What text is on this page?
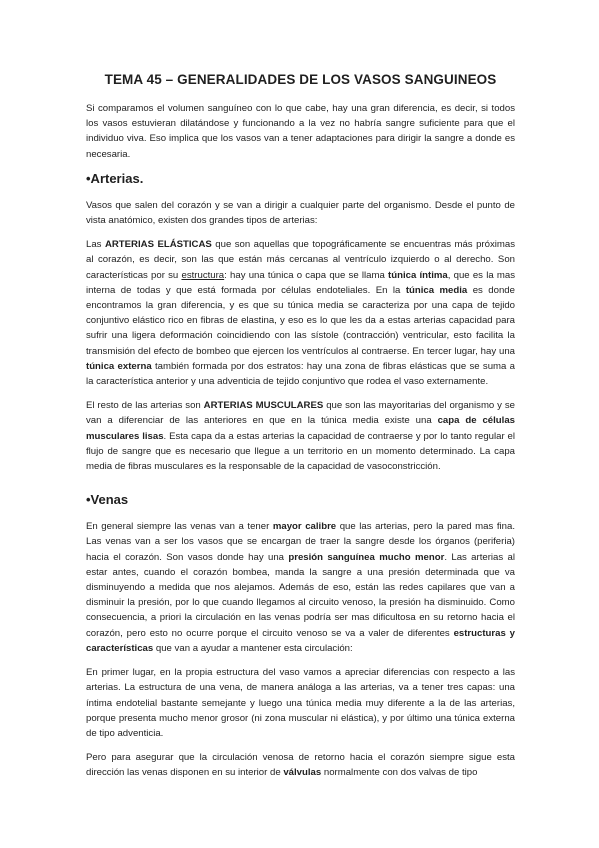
TEMA 45 – GENERALIDADES DE LOS VASOS SANGUINEOS

Si comparamos el volumen sanguíneo con lo que cabe, hay una gran diferencia, es decir, si todos los vasos estuvieran dilatándose y funcionando a la vez no habría sangre suficiente para que el individuo viva. Eso implica que los vasos van a tener adaptaciones para dirigir la sangre a donde es necesaria.

•Arterias.

Vasos que salen del corazón y se van a dirigir a cualquier parte del organismo. Desde el punto de vista anatómico, existen dos grandes tipos de arterias:

Las ARTERIAS ELÁSTICAS que son aquellas que topográficamente se encuentras más próximas al corazón, es decir, son las que están más cercanas al ventrículo izquierdo o al derecho. Son características por su estructura: hay una túnica o capa que se llama túnica íntima, que es la mas interna de todas y que está formada por células endoteliales. En la túnica media es donde encontramos la gran diferencia, y es que su túnica media se caracteriza por una capa de tejido conjuntivo elástico rico en fibras de elastina, y eso es lo que les da a estas arterias capacidad para sufrir una ligera deformación coincidiendo con las sístole (contracción) ventricular, esto facilita la transmisión del efecto de bombeo que ejercen los ventrículos al contraerse. En tercer lugar, hay una túnica externa también formada por dos estratos: hay una zona de fibras elásticas que se suma a la característica anterior y una adventicia de tejido conjuntivo que rodea el vaso externamente.

El resto de las arterias son ARTERIAS MUSCULARES que son las mayoritarias del organismo y se van a diferenciar de las anteriores en que en la túnica media existe una capa de células musculares lisas. Esta capa da a estas arterias la capacidad de contraerse y por lo tanto regular el flujo de sangre que es necesario que llegue a un territorio en un momento determinado. La capa media de fibras musculares es la responsable de la capacidad de vasoconstricción.

•Venas

En general siempre las venas van a tener mayor calibre que las arterias, pero la pared mas fina. Las venas van a ser los vasos que se encargan de traer la sangre desde los órganos (periferia) hacia el corazón. Son vasos donde hay una presión sanguínea mucho menor. Las arterias al estar antes, cuando el corazón bombea, manda la sangre a una presión determinada que va disminuyendo a medida que nos alejamos. Además de eso, están las redes capilares que van a disminuir la presión, por lo que cuando llegamos al circuito venoso, la presión ha disminuido. Como consecuencia, a priori la circulación en las venas podría ser mas dificultosa en su retorno hacia el corazón, pero esto no ocurre porque el circuito venoso se va a valer de diferentes estructuras y características que van a ayudar a mantener esta circulación:

En primer lugar, en la propia estructura del vaso vamos a apreciar diferencias con respecto a las arterias. La estructura de una vena, de manera análoga a las arterias, va a tener tres capas: una íntima endotelial bastante semejante y luego una túnica media muy diferente a la de las arterias, porque presenta mucho menor grosor (ni zona muscular ni elástica), y por último una túnica externa de tipo adventicia.

Pero para asegurar que la circulación venosa de retorno hacia el corazón siempre sigue esta dirección las venas disponen en su interior de válvulas normalmente con dos valvas de tipo
